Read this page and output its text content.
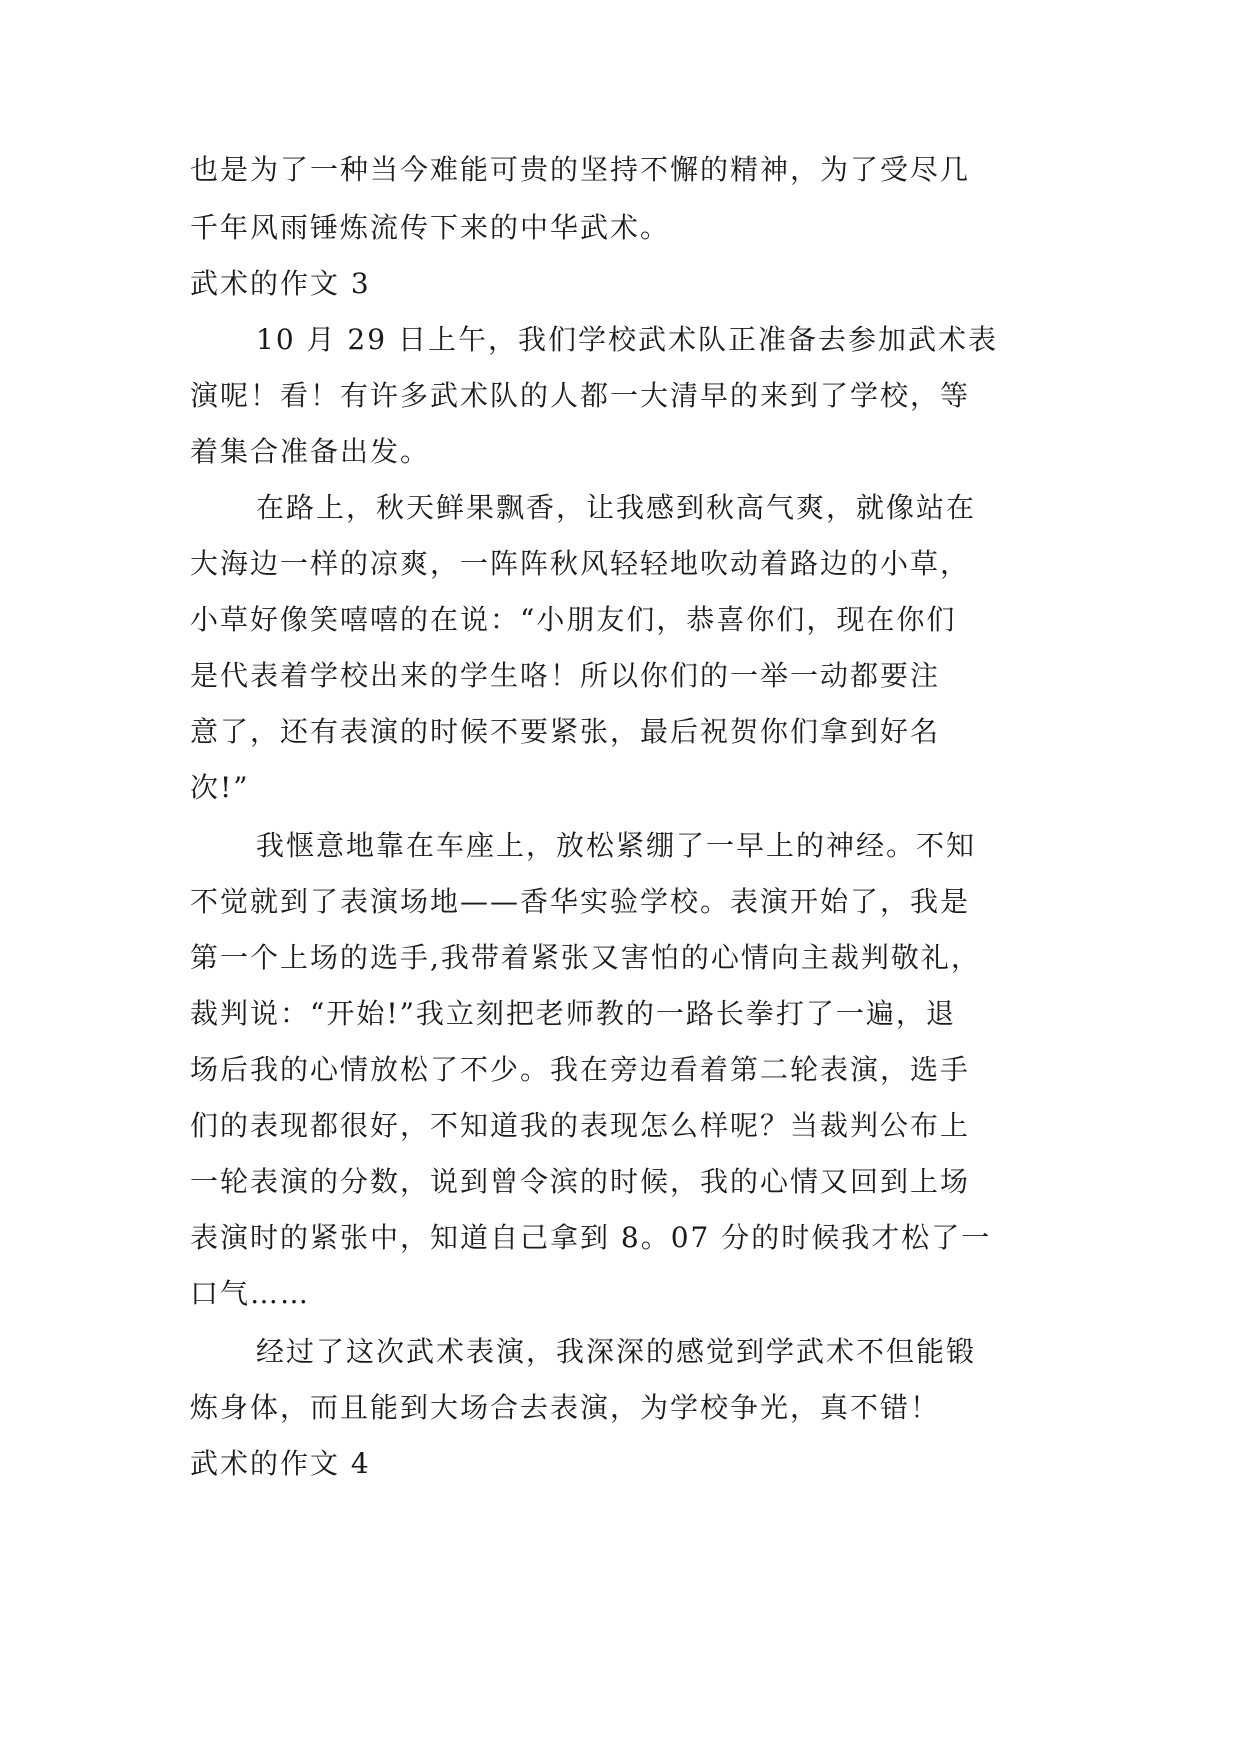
也是为了一种当今难能可贵的坚持不懈的精神，为了受尽几
千年风雨锤炼流传下来的中华武术。
武术的作文 3
10 月 29 日上午，我们学校武术队正准备去参加武术表
演呢！看！有许多武术队的人都一大清早的来到了学校，等
着集合准备出发。
在路上，秋天鲜果飘香，让我感到秋高气爽，就像站在
大海边一样的凉爽，一阵阵秋风轻轻地吹动着路边的小草，
小草好像笑嘻嘻的在说：“小朋友们，恭喜你们，现在你们
是代表着学校出来的学生咯！所以你们的一举一动都要注
意了，还有表演的时候不要紧张，最后祝贺你们拿到好名
次!”
我惬意地靠在车座上，放松紧绷了一早上的神经。不知
不觉就到了表演场地——香华实验学校。表演开始了，我是
第一个上场的选手,我带着紧张又害怕的心情向主裁判敬礼，
裁判说：“开始!”我立刻把老师教的一路长拳打了一遍，退
场后我的心情放松了不少。我在旁边看着第二轮表演，选手
们的表现都很好，不知道我的表现怎么样呢？当裁判公布上
一轮表演的分数，说到曾令滨的时候，我的心情又回到上场
表演时的紧张中，知道自己拿到 8。07 分的时候我才松了一
口气……
经过了这次武术表演，我深深的感觉到学武术不但能锻
炼身体，而且能到大场合去表演，为学校争光，真不错！
武术的作文 4
